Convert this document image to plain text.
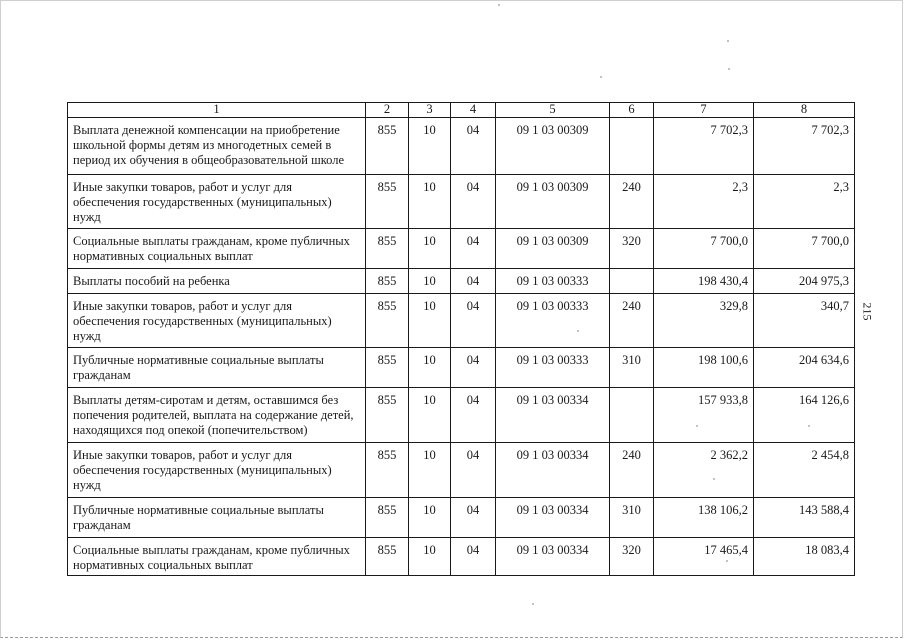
1	2	3	4	5	6	7	8
Выплата денежной компенсации на приобретение школьной формы детям из многодетных семей в период их обучения в общеобразовательной школе	855	10	04	09 1 03 00309		7 702,3	7 702,3
Иные закупки товаров, работ и услуг для обеспечения государственных (муниципальных) нужд	855	10	04	09 1 03 00309	240	2,3	2,3
Социальные выплаты гражданам, кроме публичных нормативных социальных выплат	855	10	04	09 1 03 00309	320	7 700,0	7 700,0
Выплаты пособий на ребенка	855	10	04	09 1 03 00333		198 430,4	204 975,3
Иные закупки товаров, работ и услуг для обеспечения государственных (муниципальных) нужд	855	10	04	09 1 03 00333	240	329,8	340,7
Публичные нормативные социальные выплаты гражданам	855	10	04	09 1 03 00333	310	198 100,6	204 634,6
Выплаты детям-сиротам и детям, оставшимся без попечения родителей, выплата на содержание детей, находящихся под опекой (попечительством)	855	10	04	09 1 03 00334		157 933,8	164 126,6
Иные закупки товаров, работ и услуг для обеспечения государственных (муниципальных) нужд	855	10	04	09 1 03 00334	240	2 362,2	2 454,8
Публичные нормативные социальные выплаты гражданам	855	10	04	09 1 03 00334	310	138 106,2	143 588,4
Социальные выплаты гражданам, кроме публичных нормативных социальных выплат	855	10	04	09 1 03 00334	320	17 465,4	18 083,4
215
